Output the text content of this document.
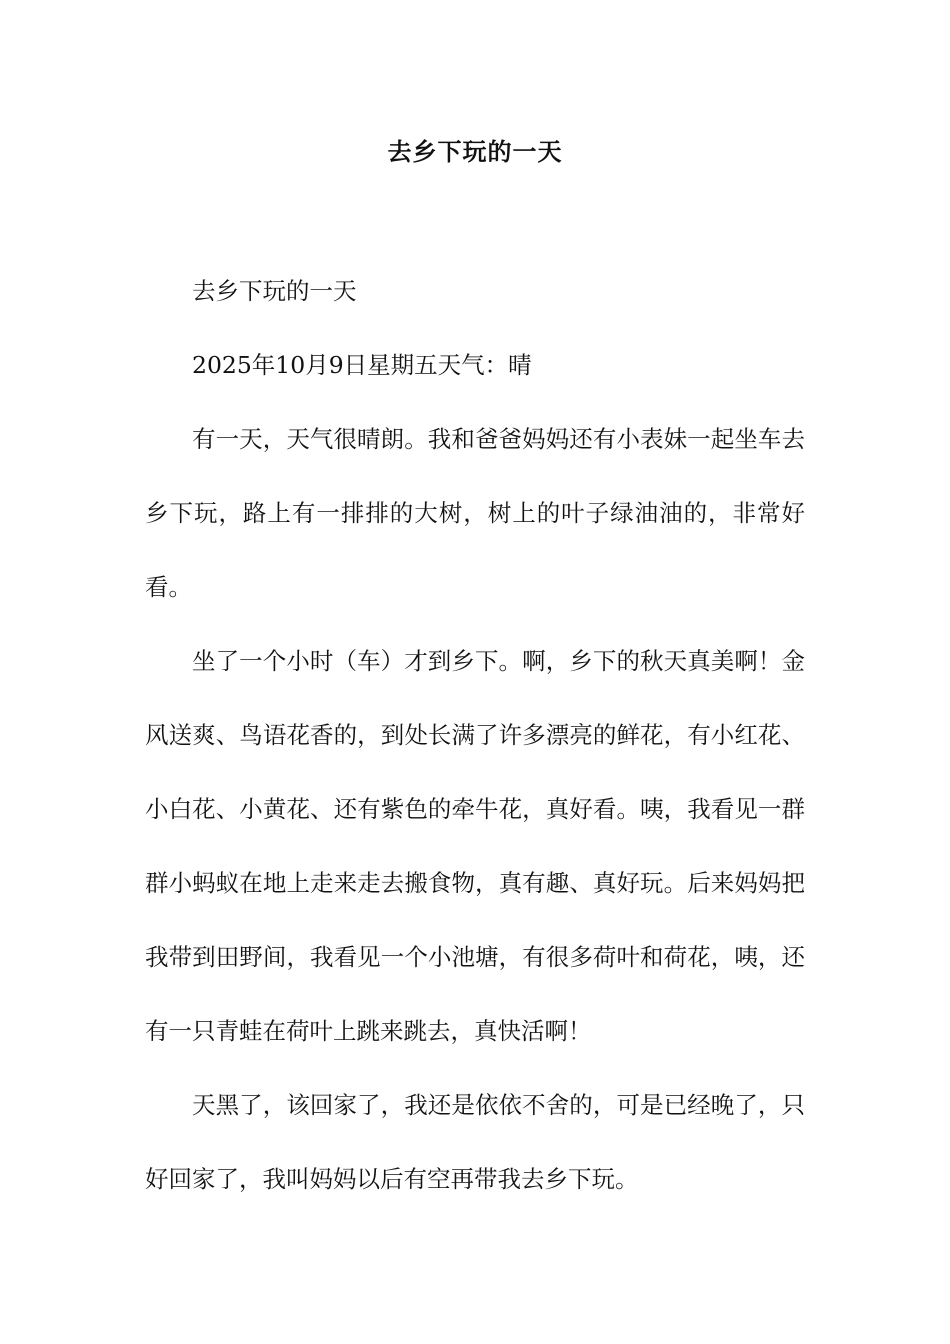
去乡下玩的一天

去乡下玩的一天

2025年10月9日星期五天气：晴

有一天，天气很晴朗。我和爸爸妈妈还有小表妹一起坐车去乡下玩，路上有一排排的大树，树上的叶子绿油油的，非常好看。

坐了一个小时（车）才到乡下。啊，乡下的秋天真美啊！金风送爽、鸟语花香的，到处长满了许多漂亮的鲜花，有小红花、小白花、小黄花、还有紫色的牵牛花，真好看。咦，我看见一群群小蚂蚁在地上走来走去搬食物，真有趣、真好玩。后来妈妈把我带到田野间，我看见一个小池塘，有很多荷叶和荷花，咦，还有一只青蛙在荷叶上跳来跳去，真快活啊！

天黑了，该回家了，我还是依依不舍的，可是已经晚了，只好回家了，我叫妈妈以后有空再带我去乡下玩。
